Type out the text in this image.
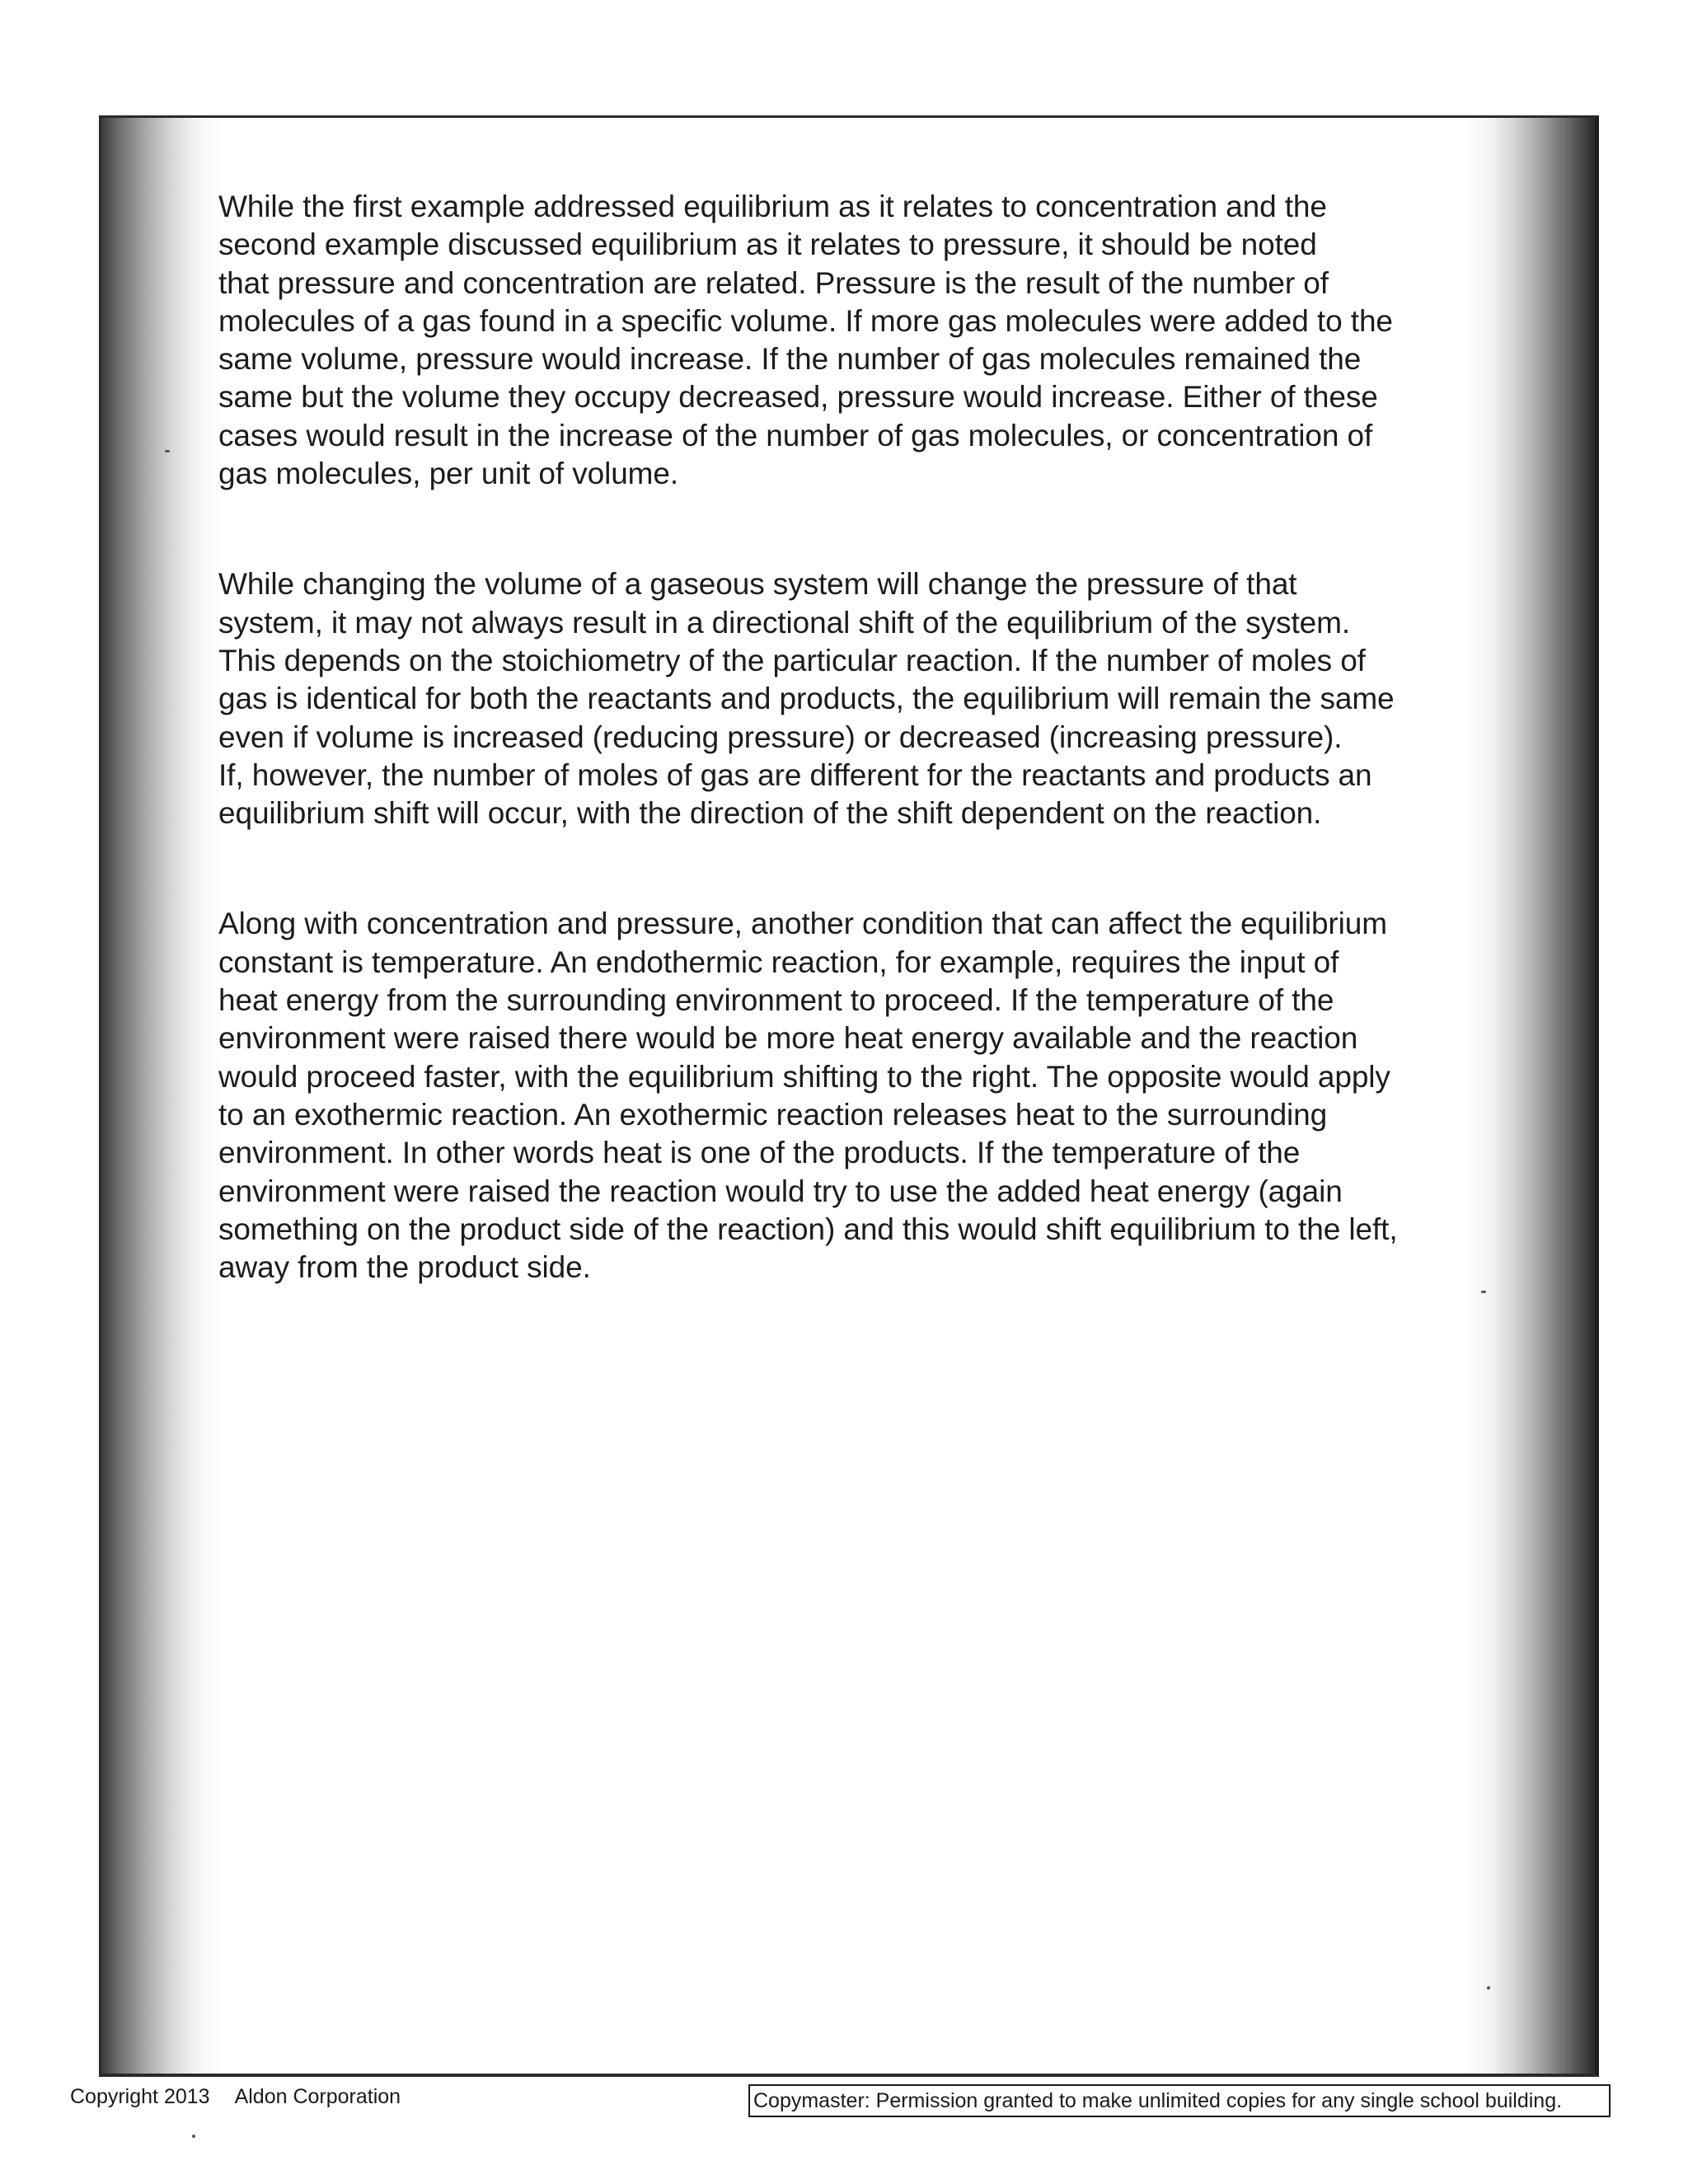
While the first example addressed equilibrium as it relates to concentration and the
second example discussed equilibrium as it relates to pressure, it should be noted
that pressure and concentration are related. Pressure is the result of the number of
molecules of a gas found in a specific volume. If more gas molecules were added to the
same volume, pressure would increase. If the number of gas molecules remained the
same but the volume they occupy decreased, pressure would increase. Either of these
cases would result in the increase of the number of gas molecules, or concentration of
gas molecules, per unit of volume.

While changing the volume of a gaseous system will change the pressure of that
system, it may not always result in a directional shift of the equilibrium of the system.
This depends on the stoichiometry of the particular reaction. If the number of moles of
gas is identical for both the reactants and products, the equilibrium will remain the same
even if volume is increased (reducing pressure) or decreased (increasing pressure).
If, however, the number of moles of gas are different for the reactants and products an
equilibrium shift will occur, with the direction of the shift dependent on the reaction.

Along with concentration and pressure, another condition that can affect the equilibrium
constant is temperature. An endothermic reaction, for example, requires the input of
heat energy from the surrounding environment to proceed. If the temperature of the
environment were raised there would be more heat energy available and the reaction
would proceed faster, with the equilibrium shifting to the right. The opposite would apply
to an exothermic reaction. An exothermic reaction releases heat to the surrounding
environment. In other words heat is one of the products. If the temperature of the
environment were raised the reaction would try to use the added heat energy (again
something on the product side of the reaction) and this would shift equilibrium to the left,
away from the product side.

Copyright 2013 Aldon Corporation	Copymaster: Permission granted to make unlimited copies for any single school building.
